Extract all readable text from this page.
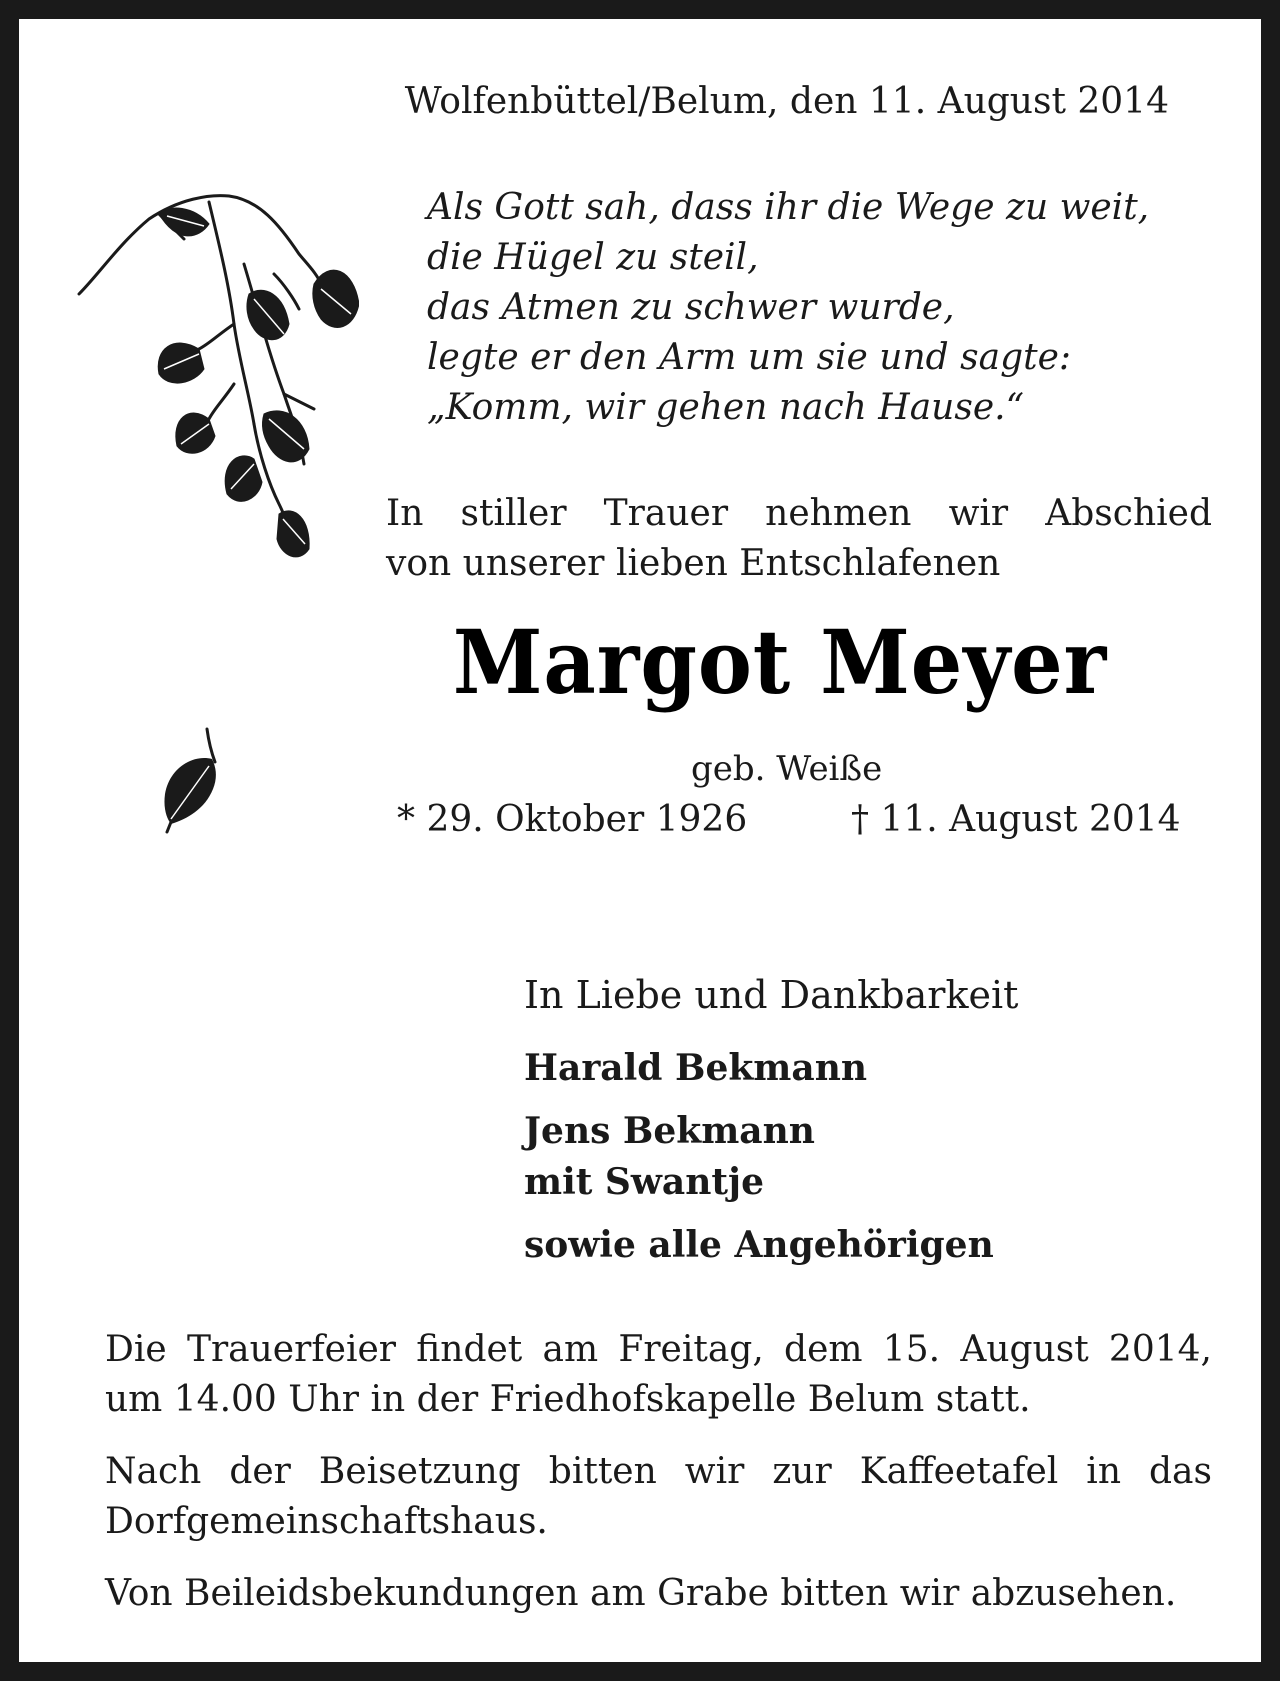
Wolfenbüttel/Belum, den 11. August 2014
Als Gott sah, dass ihr die Wege zu weit,
die Hügel zu steil,
das Atmen zu schwer wurde,
legte er den Arm um sie und sagte:
„Komm, wir gehen nach Hause.“
In stiller Trauer nehmen wir Abschied
von unserer lieben Entschlafenen
geb. Weiße
* 29. Oktober 1926	† 11. August 2014
In Liebe und Dankbarkeit
Harald Bekmann
Jens Bekmann
mit Swantje
sowie alle Angehörigen

Die Trauerfeier findet am Freitag, dem 15. August 2014,
um 14.00 Uhr in der Friedhofskapelle Belum statt.

Nach der Beisetzung bitten wir zur Kaffeetafel in das
Dorfgemeinschaftshaus.

Von Beileidsbekundungen am Grabe bitten wir abzusehen.

Margot Meyer
